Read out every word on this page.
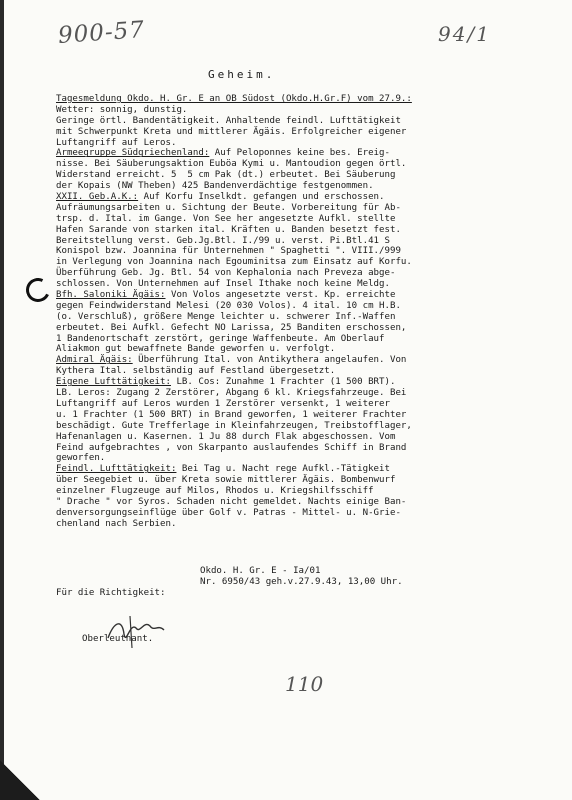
900-57	94/1
Geheim.
Tagesmeldung Okdo. H. Gr. E an OB Südost (Okdo.H.Gr.F) vom 27.9.:
Wetter: sonnig, dunstig.
Geringe örtl. Bandentätigkeit. Anhaltende feindl. Lufttätigkeit
mit Schwerpunkt Kreta und mittlerer Ägäis. Erfolgreicher eigener
Luftangriff auf Leros.
Armeegruppe Südgriechenland: Auf Peloponnes keine bes. Ereig-
nisse. Bei Säuberungsaktion Euböa Kymi u. Mantoudion gegen örtl.
Widerstand erreicht. 5  5 cm Pak (dt.) erbeutet. Bei Säuberung
der Kopais (NW Theben) 425 Bandenverdächtige festgenommen.
XXII. Geb.A.K.: Auf Korfu Inselkdt. gefangen und erschossen.
Aufräumungsarbeiten u. Sichtung der Beute. Vorbereitung für Ab-
trsp. d. Ital. im Gange. Von See her angesetzte Aufkl. stellte
Hafen Sarande von starken ital. Kräften u. Banden besetzt fest.
Bereitstellung verst. Geb.Jg.Btl. I./99 u. verst. Pi.Btl.41 S
Konispol bzw. Joannina für Unternehmen " Spaghetti ". VIII./999
in Verlegung von Joannina nach Egouminitsa zum Einsatz auf Korfu.
Überführung Geb. Jg. Btl. 54 von Kephalonia nach Preveza abge-
schlossen. Von Unternehmen auf Insel Ithake noch keine Meldg.
Bfh. Saloniki Ägäis: Von Volos angesetzte verst. Kp. erreichte
gegen Feindwiderstand Melesi (20 030 Volos). 4 ital. 10 cm H.B.
(o. Verschluß), größere Menge leichter u. schwerer Inf.-Waffen
erbeutet. Bei Aufkl. Gefecht NO Larissa, 25 Banditen erschossen,
1 Bandenortschaft zerstört, geringe Waffenbeute. Am Oberlauf
Aliakmon gut bewaffnete Bande geworfen u. verfolgt.
Admiral Ägäis: Überführung Ital. von Antikythera angelaufen. Von
Kythera Ital. selbständig auf Festland übergesetzt.
Eigene Lufttätigkeit: LB. Cos: Zunahme 1 Frachter (1 500 BRT).
LB. Leros: Zugang 2 Zerstörer, Abgang 6 kl. Kriegsfahrzeuge. Bei
Luftangriff auf Leros wurden 1 Zerstörer versenkt, 1 weiterer
u. 1 Frachter (1 500 BRT) in Brand geworfen, 1 weiterer Frachter
beschädigt. Gute Trefferlage in Kleinfahrzeugen, Treibstofflager,
Hafenanlagen u. Kasernen. 1 Ju 88 durch Flak abgeschossen. Vom
Feind aufgebrachtes , von Skarpanto auslaufendes Schiff in Brand
geworfen.
Feindl. Lufttätigkeit: Bei Tag u. Nacht rege Aufkl.-Tätigkeit
über Seegebiet u. über Kreta sowie mittlerer Ägäis. Bombenwurf
einzelner Flugzeuge auf Milos, Rhodos u. Kriegshilfsschiff
" Drache " vor Syros. Schaden nicht gemeldet. Nachts einige Ban-
denversorgungseinflüge über Golf v. Patras - Mittel- u. N-Grie-
chenland nach Serbien.
Okdo. H. Gr. E - Ia/01
Nr. 6950/43 geh.v.27.9.43, 13,00 Uhr.
Für die Richtigkeit:
Oberleutnant.
110
